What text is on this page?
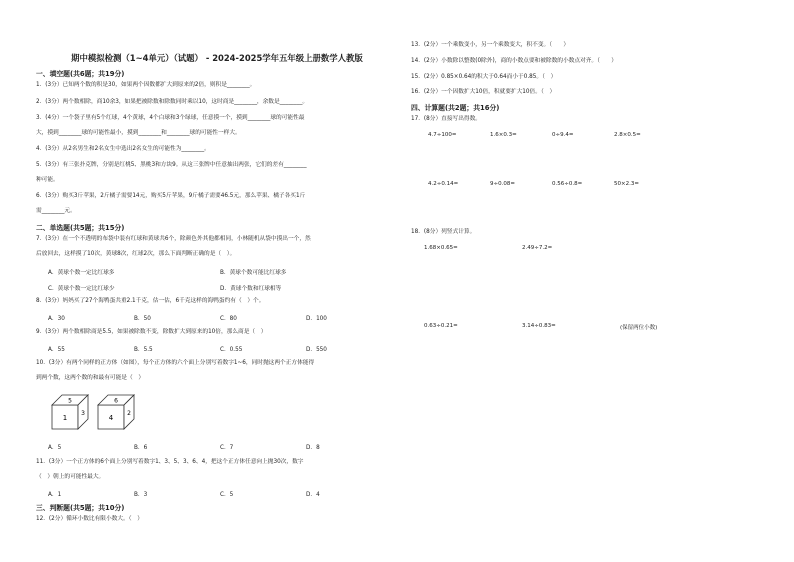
期中模拟检测（1~4单元）（试题） - 2024-2025学年五年级上册数学人教版
一、填空题(共6题；共19分)
1．(3分）已知两个数的积是30，如果两个因数都扩大到原来的2倍，则积是________。
2．(3分）两个数相除，商10余3，如果把被除数和除数同时乘以10，这时商是________，余数是________。
3．(4分）一个袋子里有5个红球，4个黄球，4个白球和3个绿球，任意摸一个，摸到________球的可能性最
大，摸到________球的可能性最小，摸到________和________球的可能性一样大。
4．(3分）从2名男生和2名女生中选出2名女生的可能性为________。
5．(3分）有三张扑克牌，分别是红桃5、黑桃3和方块9。从这三张牌中任意抽出两张，它们的差有________
种可能。
6．(3分）购买3斤苹果，2斤橘子需要14元，购买5斤苹果，9斤橘子需要46.5元，那么苹果、橘子各买1斤
需________元。
二、单选题(共5题；共15分)
7．(3分）在一个不透明的布袋中装有红球和黄球共6个，除颜色外其他都相同，小林随机从袋中摸出一个，然
后放回去，这样摸了10次，黄球8次，红球2次，那么下面判断正确的是（　）。
A．黄球个数一定比红球多	B．黄球个数可能比红球多
C．黄球个数一定比红球少	D．黄球个数和红球相等
8．(3分）妈妈买了27个海鸭蛋共重2.1千克，估一估，6千克这样的海鸭蛋约有（　）个。
A．30	B．50	C．80	D．100
9．(3分）两个数相除商是5.5，如果被除数不变，除数扩大到原来的10倍，那么商是（　）
A．55	B．5.5	C．0.55	D．550
10．(3分）有两个同样的正方体（如图），每个正方体的六个面上分别写着数字1~6，同时抛这两个正方体能得
到两个数，这两个数的和最有可能是（　）
5
1
3
6
4
2
A．5	B．6	C．7	D．8
11．(3分）一个正方体的6个面上分别写着数字1、3、5、3、6、4，把这个正方体任意向上抛30次，数字
（　）朝上的可能性最大。
A．1	B．3	C．5	D．4
三、判断题(共5题；共10分)
12．(2分）循环小数比有限小数大。（　）
13．(2分）一个乘数变小，另一个乘数变大，积不变。（　　）
14．(2分）小数除以整数(0除外)，商的小数点要和被除数的小数点对齐。（　　）
15．(2分）0.85×0.64的积大于0.64而小于0.85。（　）
16．(2分）一个因数扩大10倍，积就要扩大10倍。（　）
四、计算题(共2题；共16分)
17．(8分）直接写出得数。
4.7÷100=	1.6×0.3=	0÷9.4=	2.8×0.5=
4.2÷0.14=	9÷0.08=	0.56÷0.8=	50×2.3=
18．(8分）列竖式计算。
1.68×0.65=	2.49÷7.2=
0.63÷0.21=	3.14÷0.83=	(保留两位小数)
